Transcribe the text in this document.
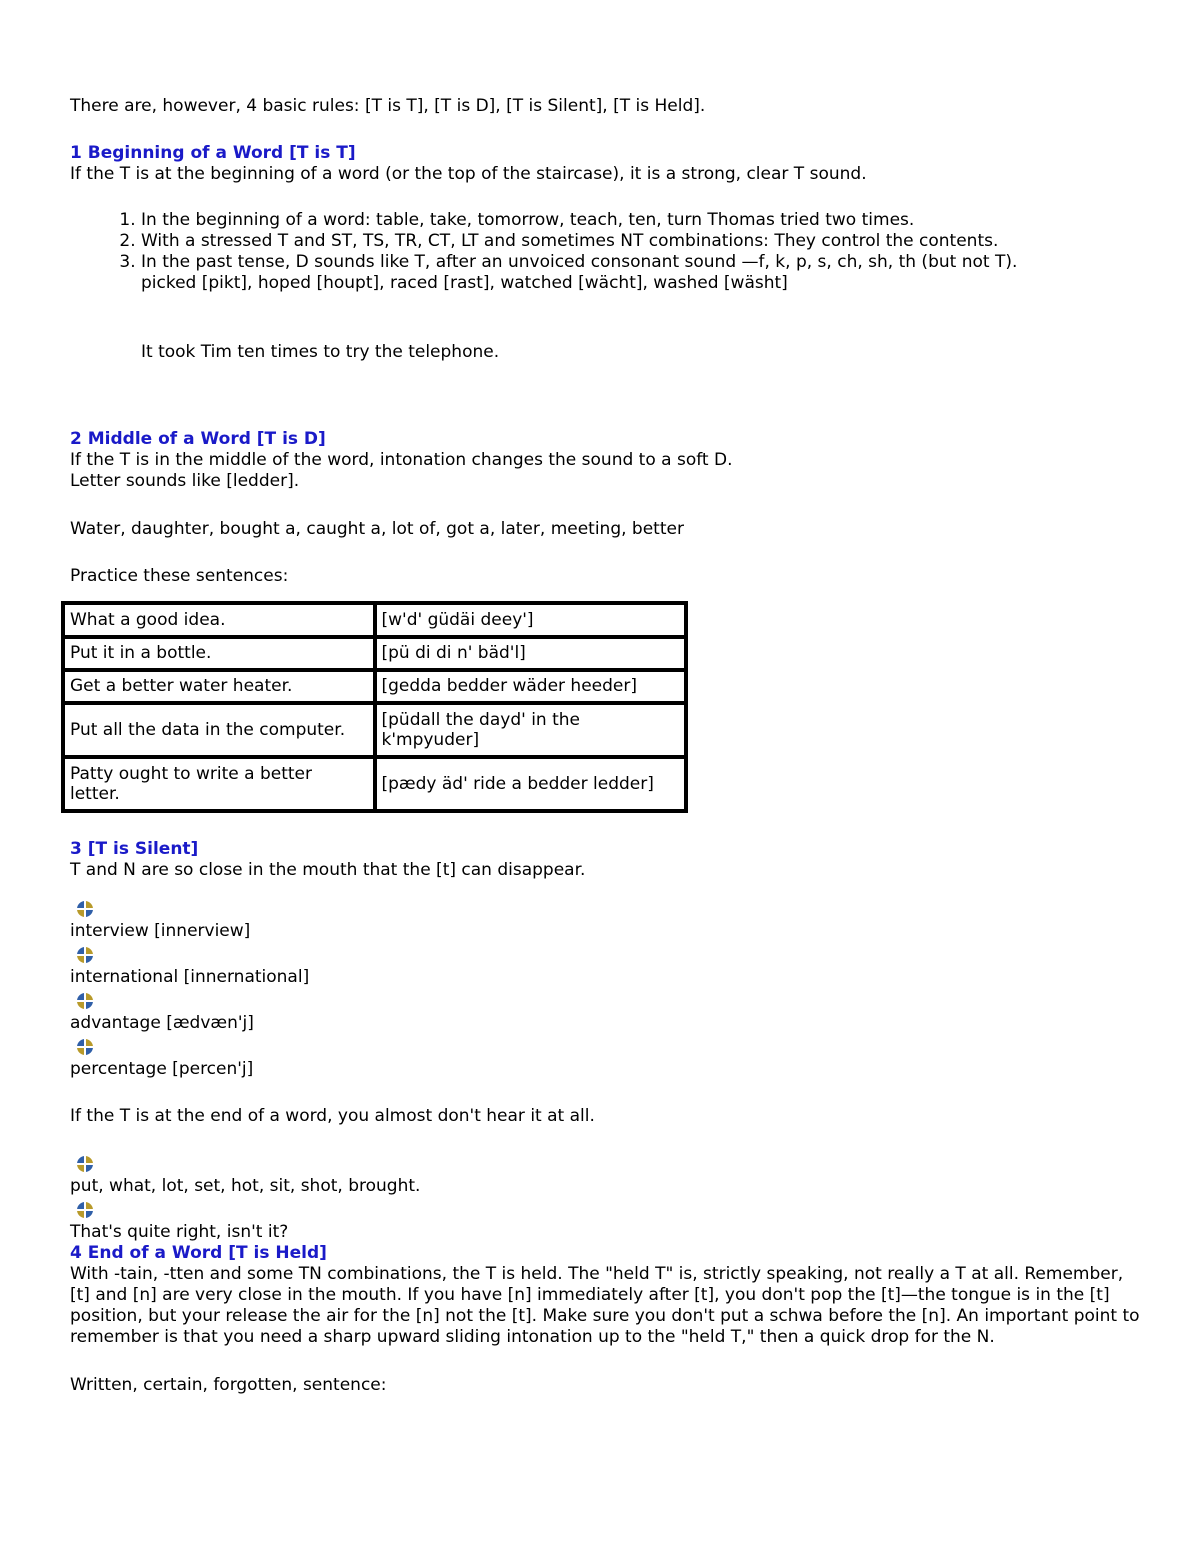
There are, however, 4 basic rules: [T is T], [T is D], [T is Silent], [T is Held].

1 Beginning of a Word [T is T]

If the T is at the beginning of a word (or the top of the staircase), it is a strong, clear T sound.

1. In the beginning of a word: table, take, tomorrow, teach, ten, turn Thomas tried two times.
2. With a stressed T and ST, TS, TR, CT, LT and sometimes NT combinations: They control the contents.
3. In the past tense, D sounds like T, after an unvoiced consonant sound —f, k, p, s, ch, sh, th (but not T).
picked [pikt], hoped [houpt], raced [rast], watched [wächt], washed [wäsht]

It took Tim ten times to try the telephone.

2 Middle of a Word [T is D]

If the T is in the middle of the word, intonation changes the sound to a soft D.

Letter sounds like [ledder].

Water, daughter, bought a, caught a, lot of, got a, later, meeting, better

Practice these sentences:

What a good idea.	[w'd' güdäi deey']
Put it in a bottle.	[pü di di n' bäd'l]
Get a better water heater.	[gedda bedder wäder heeder]
Put all the data in the computer.	[püdall the dayd' in the k'mpyuder]
Patty ought to write a better letter.	[pædy äd' ride a bedder ledder]

3 [T is Silent]

T and N are so close in the mouth that the [t] can disappear.

interview [innerview]

international [innernational]

advantage [ædvæn'j]

percentage [percen'j]

If the T is at the end of a word, you almost don't hear it at all.

put, what, lot, set, hot, sit, shot, brought.

That's quite right, isn't it?

4 End of a Word [T is Held]

With -tain, -tten and some TN combinations, the T is held. The "held T" is, strictly speaking, not really a T at all. Remember, [t] and [n] are very close in the mouth. If you have [n] immediately after [t], you don't pop the [t]—the tongue is in the [t] position, but your release the air for the [n] not the [t]. Make sure you don't put a schwa before the [n]. An important point to remember is that you need a sharp upward sliding intonation up to the "held T," then a quick drop for the N.

Written, certain, forgotten, sentence:
